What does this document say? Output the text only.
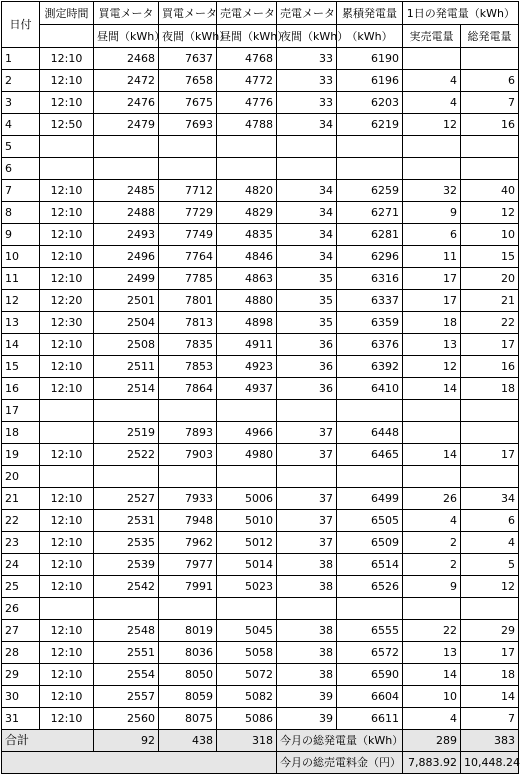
日付	測定時間	買電メータ	買電メータ	売電メータ	売電メータ	累積発電量	1日の発電量（kWh）	
		昼間（kWh）	夜間（kWh）	昼間（kWh）	夜間（kWh）	（kWh）	実売電量	総発電量
1	12:10	2468	7637	4768	33	6190		
2	12:10	2472	7658	4772	33	6196	4	6
3	12:10	2476	7675	4776	33	6203	4	7
4	12:50	2479	7693	4788	34	6219	12	16
5								
6								
7	12:10	2485	7712	4820	34	6259	32	40
8	12:10	2488	7729	4829	34	6271	9	12
9	12:10	2493	7749	4835	34	6281	6	10
10	12:10	2496	7764	4846	34	6296	11	15
11	12:10	2499	7785	4863	35	6316	17	20
12	12:20	2501	7801	4880	35	6337	17	21
13	12:30	2504	7813	4898	35	6359	18	22
14	12:10	2508	7835	4911	36	6376	13	17
15	12:10	2511	7853	4923	36	6392	12	16
16	12:10	2514	7864	4937	36	6410	14	18
17								
18		2519	7893	4966	37	6448		
19	12:10	2522	7903	4980	37	6465	14	17
20								
21	12:10	2527	7933	5006	37	6499	26	34
22	12:10	2531	7948	5010	37	6505	4	6
23	12:10	2535	7962	5012	37	6509	2	4
24	12:10	2539	7977	5014	38	6514	2	5
25	12:10	2542	7991	5023	38	6526	9	12
26								
27	12:10	2548	8019	5045	38	6555	22	29
28	12:10	2551	8036	5058	38	6572	13	17
29	12:10	2554	8050	5072	38	6590	14	18
30	12:10	2557	8059	5082	39	6604	10	14
31	12:10	2560	8075	5086	39	6611	4	7
合計		92	438	318	今月の総発電量（kWh）		289	383
					今月の総売電料金（円）		7,883.92	10,448.24
